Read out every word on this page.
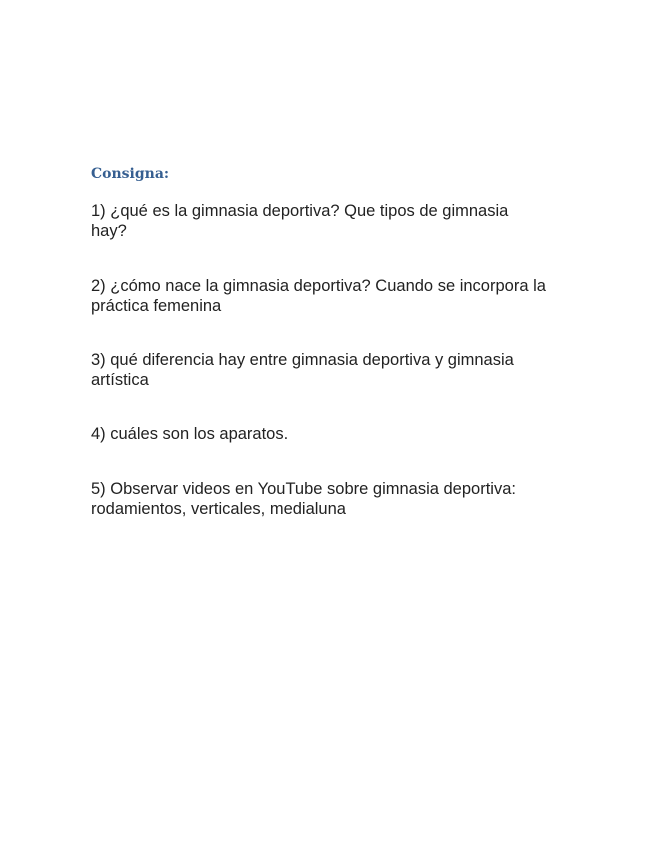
Consigna:
1) ¿qué es la gimnasia deportiva? Que tipos de gimnasia
hay?
2) ¿cómo nace la gimnasia deportiva? Cuando se incorpora la
práctica femenina
3) qué diferencia hay entre gimnasia deportiva y gimnasia
artística
4) cuáles son los aparatos.
5) Observar videos en YouTube sobre gimnasia deportiva:
rodamientos, verticales, medialuna
